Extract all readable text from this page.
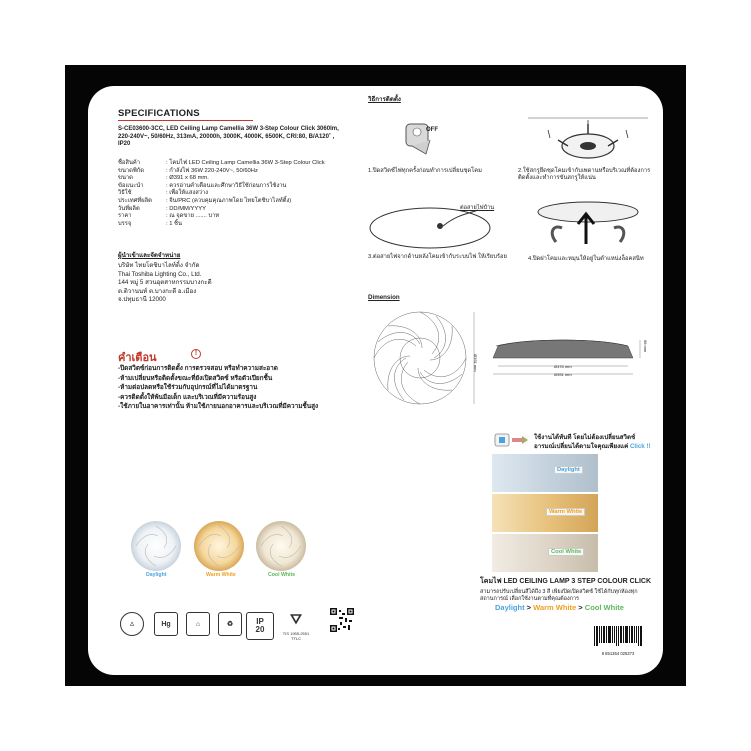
SPECIFICATIONS
S-CE03600-3CC, LED Ceiling Lamp Camellia 36W 3-Step Colour Click 3060lm, 220-240V~, 50/60Hz, 313mA, 20000h, 3000K, 4000K, 6500K, CRI:80, B/A120˚ , IP20
ชื่อสินค้า	: โคมไฟ LED Ceiling Lamp Camellia 36W 3-Step Colour Click
ขนาดพิกัด	: กำลังไฟ 36W 220-240V~, 50/60Hz
ขนาด	: Ø391 x 68 mm.
ข้อแนะนำ	: ควรอ่านคำเตือนและศึกษาวิธีใช้ก่อนการใช้งาน
วิธีใช้	: เพื่อให้แสงสว่าง
ประเทศที่ผลิต	: จีน/PRC (ควบคุมคุณภาพโดย ไทยโตชิบาไลท์ติ้ง)
วันที่ผลิต	: DD/MM/YYYY
ราคา	: ณ จุดขาย ....... บาท
บรรจุ	: 1 ชิ้น
ผู้นำเข้าและจัดจำหน่าย
บริษัท ไทยโตชิบาไลท์ติ้ง จำกัด
Thai Toshiba Lighting Co., Ltd.
144 หมู่ 5 สวนอุตสาหกรรมบางกะดี
ต.ติวานนท์ ต.บางกะดี อ.เมือง
จ.ปทุมธานี 12000
คำเตือน	!
-ปิดสวิตซ์ก่อนการติดตั้ง การตรวจสอบ หรือทำความสะอาด
-ห้ามเปลี่ยนหรือติดตั้งขณะที่ยังเปิดสวิตซ์ หรือตัวเปียกชื้น
-ห้ามต่อปลดหรือใช้ร่วมกับอุปกรณ์ที่ไม่ได้มาตรฐาน
-ควรติดตั้งให้พ้นมือเด็ก และบริเวณที่มีความร้อนสูง
-ใช้ภายในอาคารเท่านั้น ห้ามใช้ภายนอกอาคารและบริเวณที่มีความชื้นสูง
Daylight	Warm White	Cool White
△	Hg	⌂	♻	IP
20
⛛
TIS 1955-2551
TTLC
วิธีการติดตั้ง
OFF
1.ปิดสวิตช์ไฟทุกครั้งก่อนทำการเปลี่ยนชุดโคม	2.ใช้สกรูยึดชุดโคมเข้ากับเพดานหรือบริเวณที่ต้องการ ติดตั้งและทำการขันสกรูให้แน่น
ต่อสายไฟบ้าน
3.ต่อสายไฟจากด้านหลังโคมเข้ากับระบบไฟ ให้เรียบร้อย	4.ปิดฝาโคมและหมุนให้อยู่ในตำแหน่งล็อคสนิท
Dimension
Ø391 mm	Ø376 mm
Ø391 mm
68 mm
ใช้งานได้ทันที โดยไม่ต้องเปลี่ยนสวิตช์
อารมณ์เปลี่ยนได้ตามใจคุณเพียงแค่ Click !!
Daylight
Warm White
Cool White
โคมไฟ LED CEILING LAMP 3 STEP COLOUR CLICK
สามารถปรับเปลี่ยนสีได้ถึง 3 สี เพียงปิดเปิดสวิตซ์ ใช้ได้กับทุกห้องทุกสถานการณ์ เลือกใช้งานตามที่คุณต้องการ
Daylight > Warm White > Cool White
8 851364 025373
